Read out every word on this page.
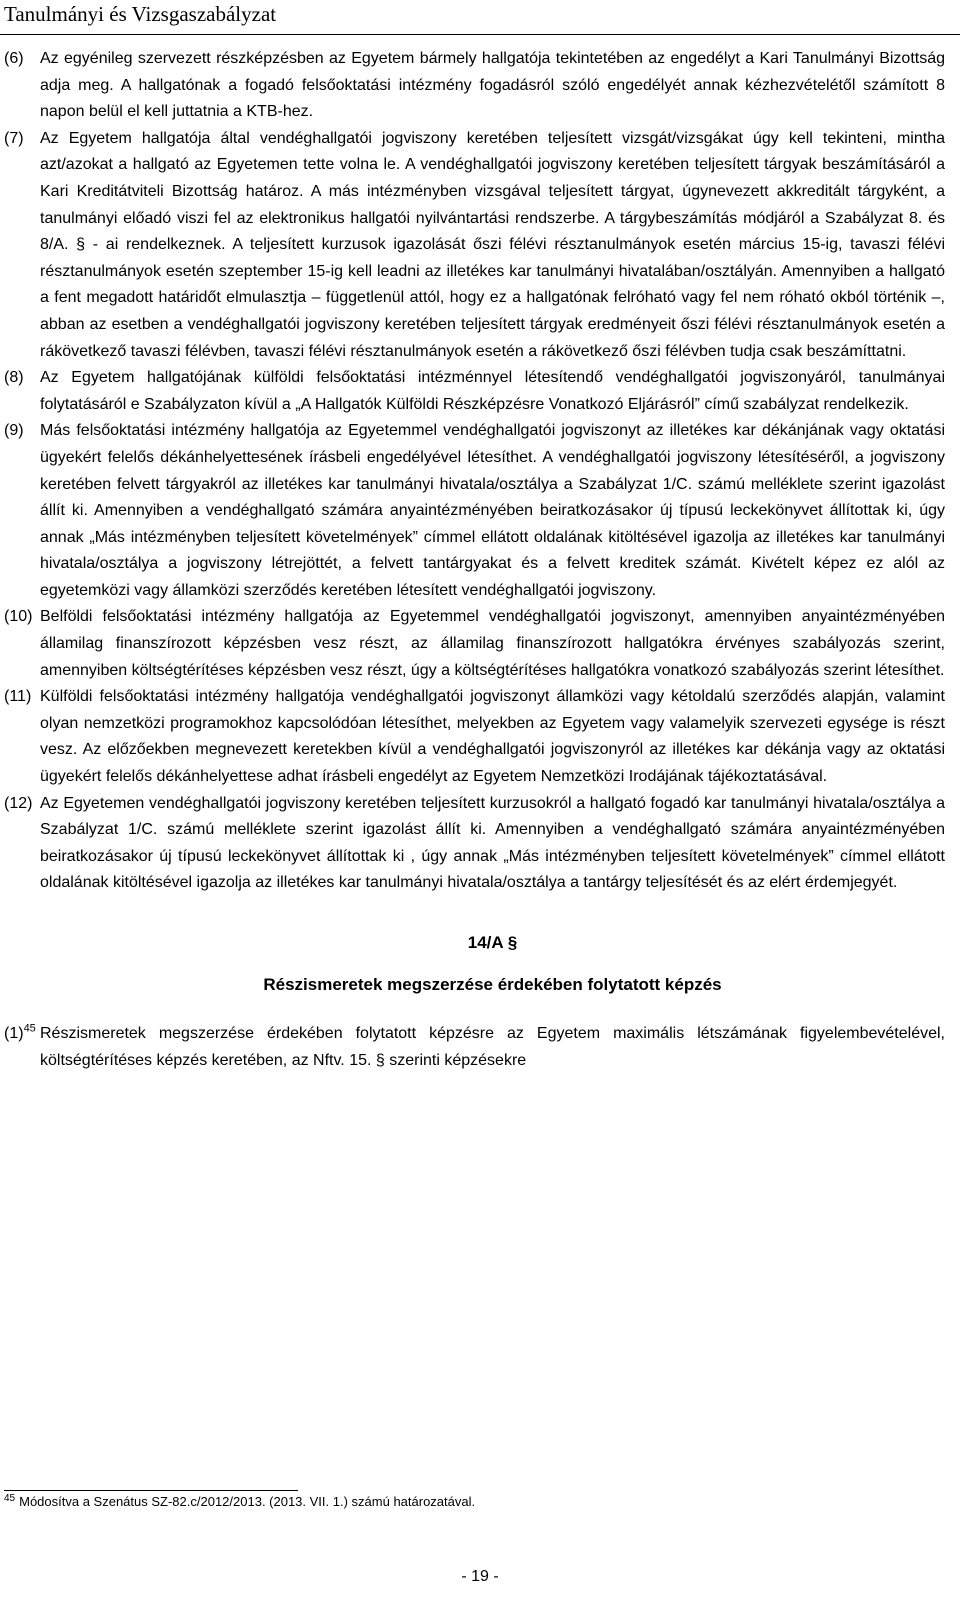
Tanulmányi és Vizsgaszabályzat
(6) Az egyénileg szervezett részképzésben az Egyetem bármely hallgatója tekintetében az engedélyt a Kari Tanulmányi Bizottság adja meg. A hallgatónak a fogadó felsőoktatási intézmény fogadásról szóló engedélyét annak kézhezvételétől számított 8 napon belül el kell juttatnia a KTB-hez.
(7) Az Egyetem hallgatója által vendéghallgatói jogviszony keretében teljesített vizsgát/vizsgákat úgy kell tekinteni, mintha azt/azokat a hallgató az Egyetemen tette volna le. A vendéghallgatói jogviszony keretében teljesített tárgyak beszámításáról a Kari Kreditátviteli Bizottság határoz. A más intézményben vizsgával teljesített tárgyat, úgynevezett akkreditált tárgyként, a tanulmányi előadó viszi fel az elektronikus hallgatói nyilvántartási rendszerbe. A tárgybeszámítás módjáról a Szabályzat 8. és 8/A. § - ai rendelkeznek. A teljesített kurzusok igazolását őszi félévi résztanulmányok esetén március 15-ig, tavaszi félévi résztanulmányok esetén szeptember 15-ig kell leadni az illetékes kar tanulmányi hivatalában/osztályán. Amennyiben a hallgató a fent megadott határidőt elmulasztja – függetlenül attól, hogy ez a hallgatónak felróható vagy fel nem róható okból történik –, abban az esetben a vendéghallgatói jogviszony keretében teljesített tárgyak eredményeit őszi félévi résztanulmányok esetén a rákövetkező tavaszi félévben, tavaszi félévi résztanulmányok esetén a rákövetkező őszi félévben tudja csak beszámíttatni.
(8) Az Egyetem hallgatójának külföldi felsőoktatási intézménnyel létesítendő vendéghallgatói jogviszonyáról, tanulmányai folytatásáról e Szabályzaton kívül a „A Hallgatók Külföldi Részképzésre Vonatkozó Eljárásról” című szabályzat rendelkezik.
(9) Más felsőoktatási intézmény hallgatója az Egyetemmel vendéghallgatói jogviszonyt az illetékes kar dékánjának vagy oktatási ügyekért felelős dékánhelyettesének írásbeli engedélyével létesíthet. A vendéghallgatói jogviszony létesítéséről, a jogviszony keretében felvett tárgyakról az illetékes kar tanulmányi hivatala/osztálya a Szabályzat 1/C. számú melléklete szerint igazolást állít ki. Amennyiben a vendéghallgató számára anyaintézményében beiratkozásakor új típusú leckekönyvet állítottak ki, úgy annak „Más intézményben teljesített követelmények” címmel ellátott oldalának kitöltésével igazolja az illetékes kar tanulmányi hivatala/osztálya a jogviszony létrejöttét, a felvett tantárgyakat és a felvett kreditek számát. Kivételt képez ez alól az egyetemközi vagy államközi szerződés keretében létesített vendéghallgatói jogviszony.
(10) Belföldi felsőoktatási intézmény hallgatója az Egyetemmel vendéghallgatói jogviszonyt, amennyiben anyaintézményében államilag finanszírozott képzésben vesz részt, az államilag finanszírozott hallgatókra érvényes szabályozás szerint, amennyiben költségtérítéses képzésben vesz részt, úgy a költségtérítéses hallgatókra vonatkozó szabályozás szerint létesíthet.
(11) Külföldi felsőoktatási intézmény hallgatója vendéghallgatói jogviszonyt államközi vagy kétoldalú szerződés alapján, valamint olyan nemzetközi programokhoz kapcsolódóan létesíthet, melyekben az Egyetem vagy valamelyik szervezeti egysége is részt vesz. Az előzőekben megnevezett keretekben kívül a vendéghallgatói jogviszonyról az illetékes kar dékánja vagy az oktatási ügyekért felelős dékánhelyettese adhat írásbeli engedélyt az Egyetem Nemzetközi Irodájának tájékoztatásával.
(12) Az Egyetemen vendéghallgatói jogviszony keretében teljesített kurzusokról a hallgató fogadó kar tanulmányi hivatala/osztálya a Szabályzat 1/C. számú melléklete szerint igazolást állít ki. Amennyiben a vendéghallgató számára anyaintézményében beiratkozásakor új típusú leckekönyvet állítottak ki , úgy annak „Más intézményben teljesített követelmények” címmel ellátott oldalának kitöltésével igazolja az illetékes kar tanulmányi hivatala/osztálya a tantárgy teljesítését és az elért érdemjegyét.
14/A §
Részismeretek megszerzése érdekében folytatott képzés
$(1)^{45}$ Részismeretek megszerzése érdekében folytatott képzésre az Egyetem maximális létszámának figyelembevételével, költségtérítéses képzés keretében, az Nftv. 15. § szerinti képzésekre
$^{45}$ Módosítva a Szenátus SZ-82.c/2012/2013. (2013. VII. 1.) számú határozatával.
- 19 -
